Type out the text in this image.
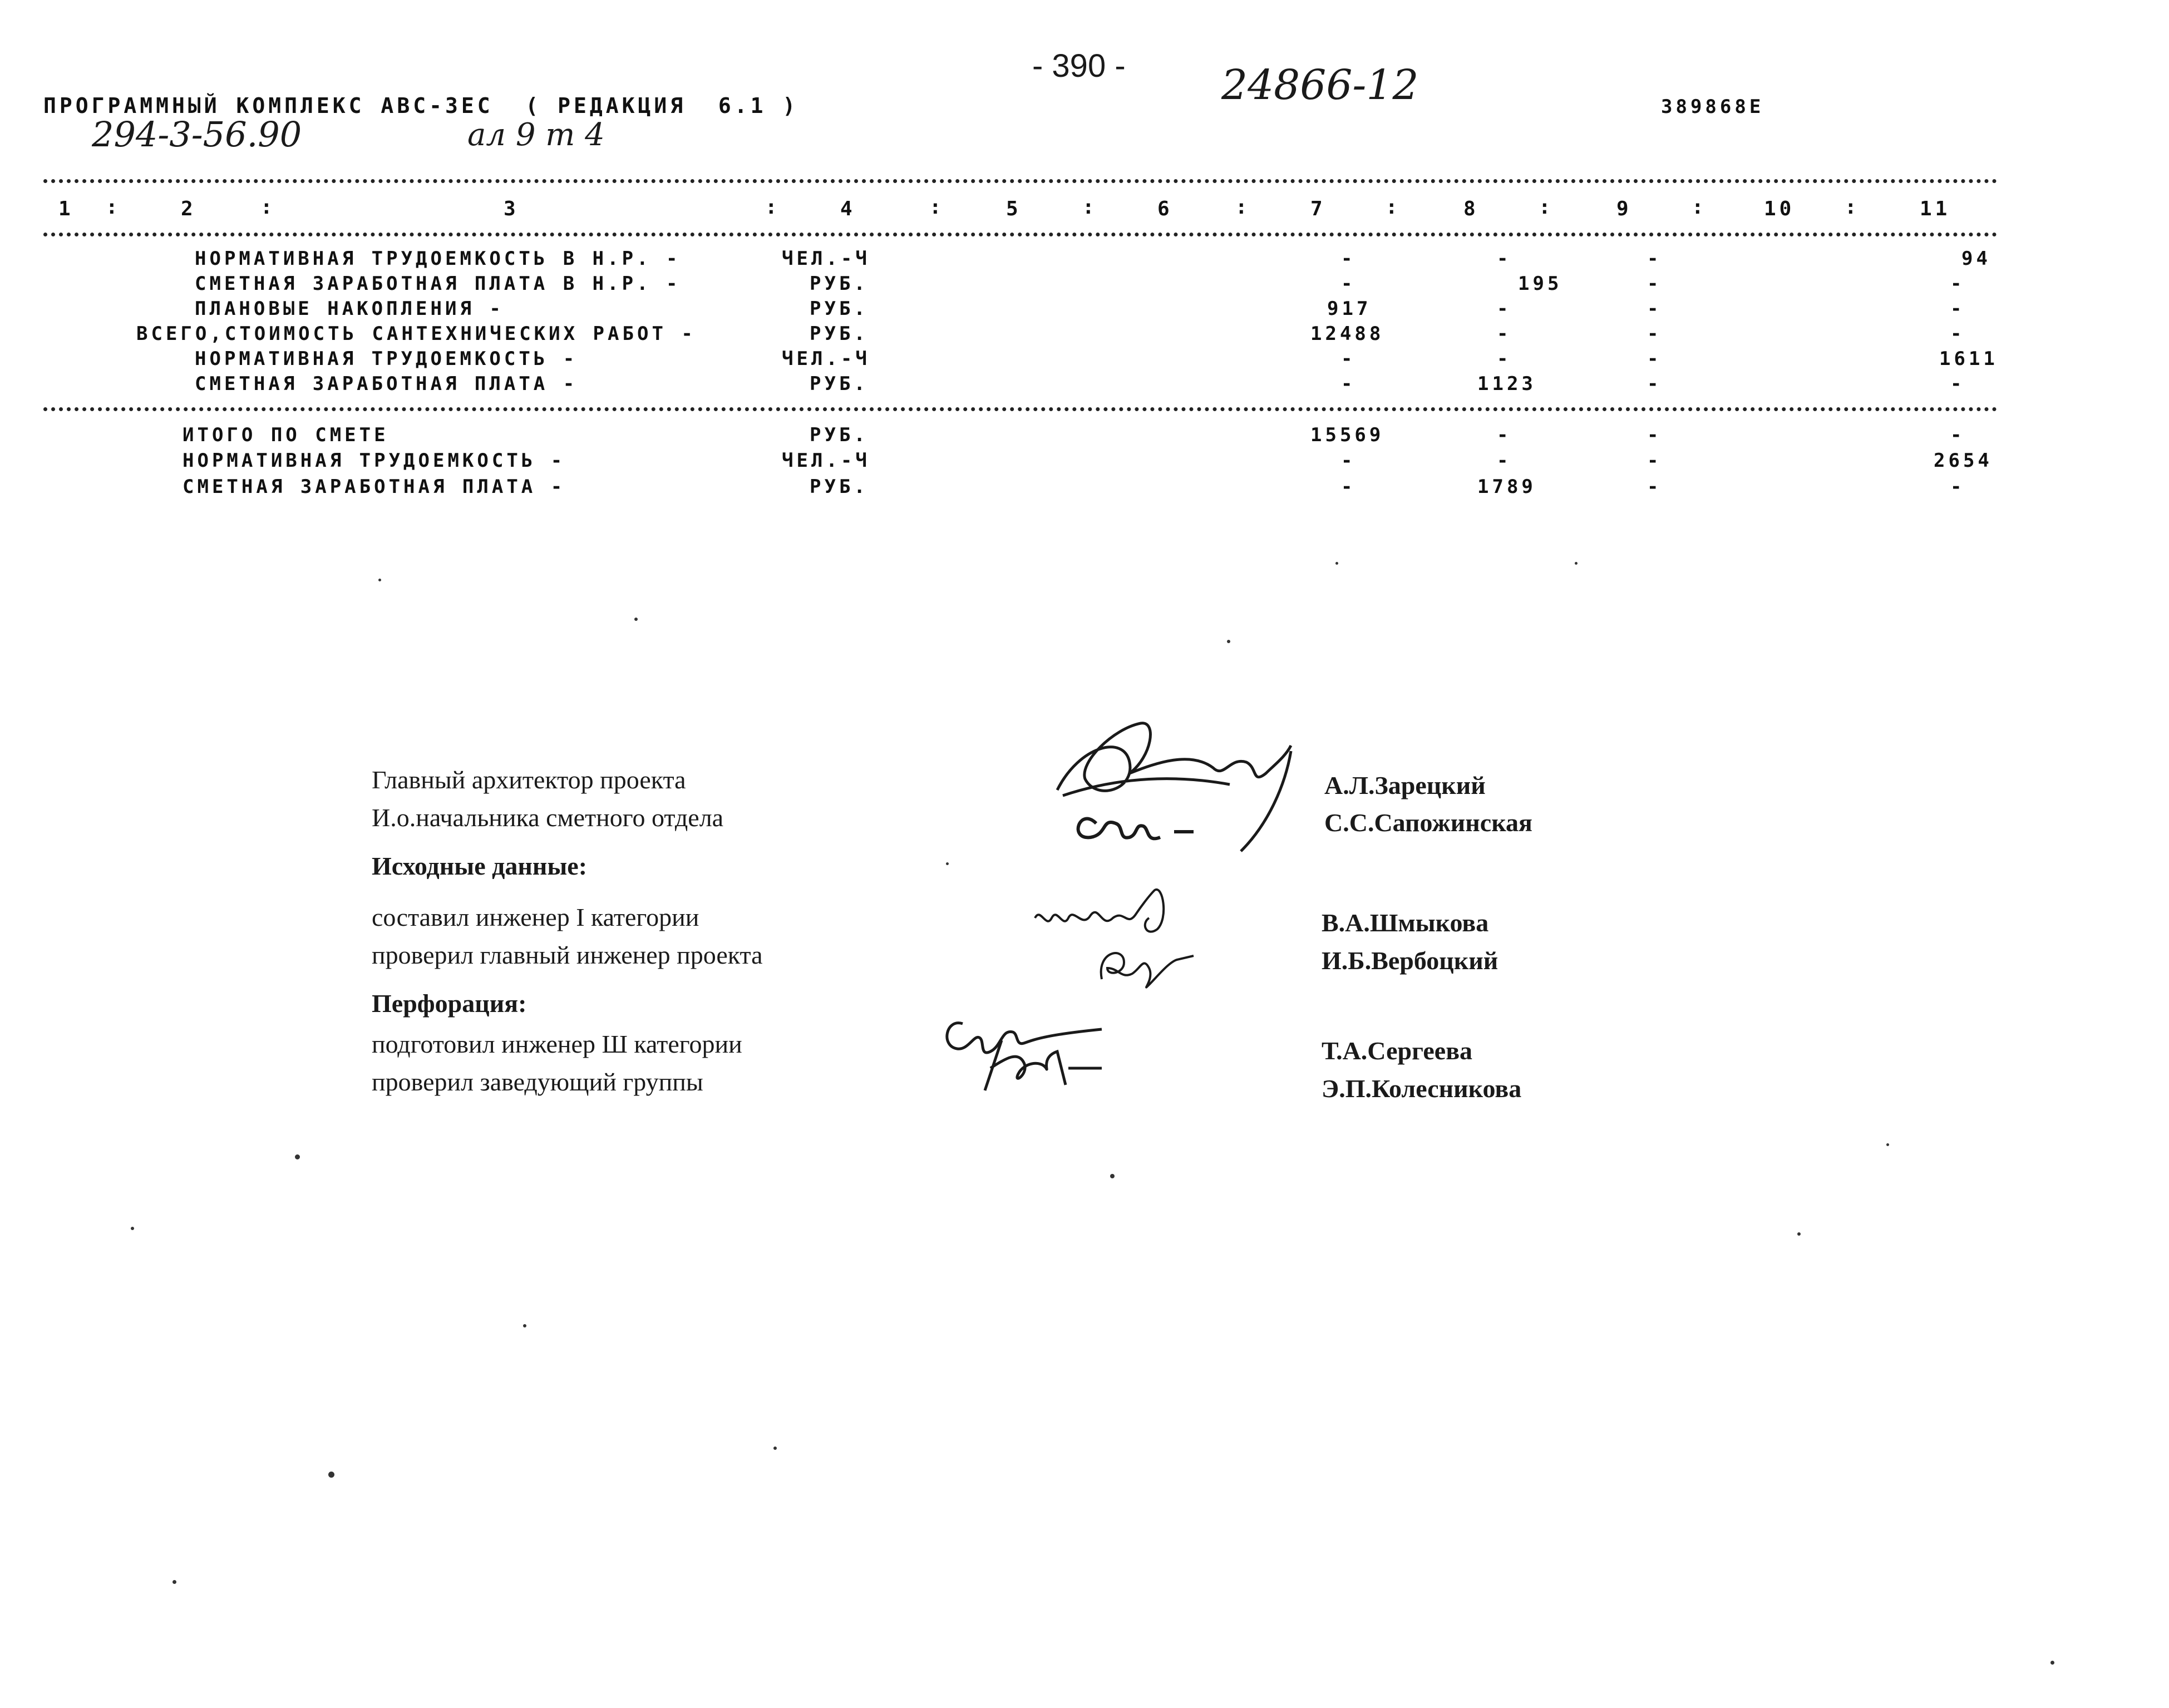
- 390 - 24866-12
ПРОГРАММНЫЙ КОМПЛЕКС АВС-3ЕС  ( РЕДАКЦИЯ  6.1 )
294-3-56.90	ал 9 т 4
389868Е
1	2	3	4	5	6	7	8	9	10	11
:	:	:	:	:	:	:	:	:	:
НОРМАТИВНАЯ ТРУДОЕМКОСТЬ В Н.Р. -	ЧЕЛ.-Ч	-	-	-	94
СМЕТНАЯ ЗАРАБОТНАЯ ПЛАТА В Н.Р. -	РУБ.	-	195	-	-
ПЛАНОВЫЕ НАКОПЛЕНИЯ -	РУБ.	917	-	-	-
ВСЕГО,СТОИМОСТЬ САНТЕХНИЧЕСКИХ РАБОТ -	РУБ.	12488	-	-	-
НОРМАТИВНАЯ ТРУДОЕМКОСТЬ -	ЧЕЛ.-Ч	-	-	-	1611
СМЕТНАЯ ЗАРАБОТНАЯ ПЛАТА -	РУБ.	-	1123	-	-
ИТОГО ПО СМЕТЕ	РУБ.	15569	-	-	-
НОРМАТИВНАЯ ТРУДОЕМКОСТЬ -	ЧЕЛ.-Ч	-	-	-	2654
СМЕТНАЯ ЗАРАБОТНАЯ ПЛАТА -	РУБ.	-	1789	-	-
Главный архитектор проекта
И.о.начальника сметного отдела
Исходные данные:
составил инженер I категории
проверил главный инженер проекта
Перфорация:
подготовил инженер Ш категории
проверил заведующий группы
А.Л.Зарецкий
С.С.Сапожинская
В.А.Шмыкова
И.Б.Вербоцкий
Т.А.Сергеева
Э.П.Колесникова
